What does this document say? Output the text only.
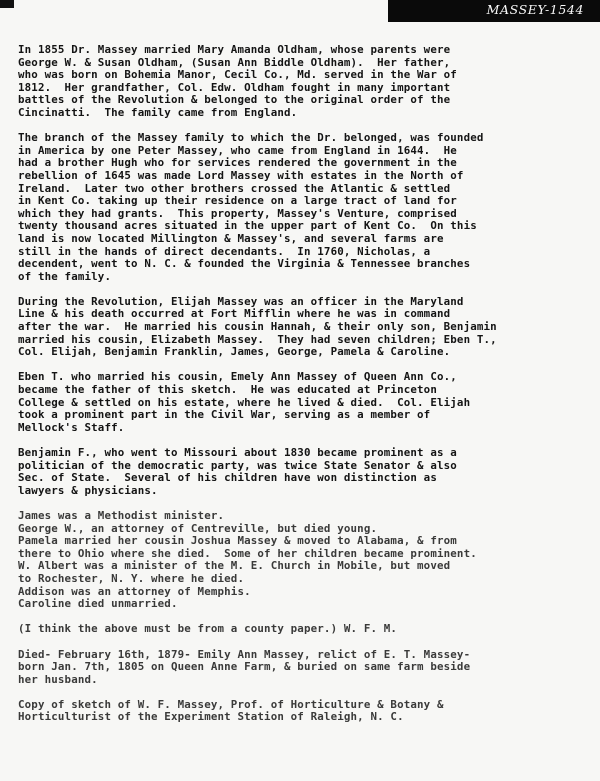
MASSEY-1544

In 1855 Dr. Massey married Mary Amanda Oldham, whose parents were
George W. & Susan Oldham, (Susan Ann Biddle Oldham).  Her father,
who was born on Bohemia Manor, Cecil Co., Md. served in the War of
1812.  Her grandfather, Col. Edw. Oldham fought in many important
battles of the Revolution & belonged to the original order of the
Cincinatti.  The family came from England.

The branch of the Massey family to which the Dr. belonged, was founded
in America by one Peter Massey, who came from England in 1644.  He
had a brother Hugh who for services rendered the government in the
rebellion of 1645 was made Lord Massey with estates in the North of
Ireland.  Later two other brothers crossed the Atlantic & settled
in Kent Co. taking up their residence on a large tract of land for
which they had grants.  This property, Massey's Venture, comprised
twenty thousand acres situated in the upper part of Kent Co.  On this
land is now located Millington & Massey's, and several farms are
still in the hands of direct decendants.  In 1760, Nicholas, a
decendent, went to N. C. & founded the Virginia & Tennessee branches
of the family.

During the Revolution, Elijah Massey was an officer in the Maryland
Line & his death occurred at Fort Mifflin where he was in command
after the war.  He married his cousin Hannah, & their only son, Benjamin
married his cousin, Elizabeth Massey.  They had seven children; Eben T.,
Col. Elijah, Benjamin Franklin, James, George, Pamela & Caroline.

Eben T. who married his cousin, Emely Ann Massey of Queen Ann Co.,
became the father of this sketch.  He was educated at Princeton
College & settled on his estate, where he lived & died.  Col. Elijah
took a prominent part in the Civil War, serving as a member of
Mellock's Staff.

Benjamin F., who went to Missouri about 1830 became prominent as a
politician of the democratic party, was twice State Senator & also
Sec. of State.  Several of his children have won distinction as
lawyers & physicians.

James was a Methodist minister.
George W., an attorney of Centreville, but died young.
Pamela married her cousin Joshua Massey & moved to Alabama, & from
there to Ohio where she died.  Some of her children became prominent.
W. Albert was a minister of the M. E. Church in Mobile, but moved
to Rochester, N. Y. where he died.
Addison was an attorney of Memphis.
Caroline died unmarried.

(I think the above must be from a county paper.) W. F. M.

Died- February 16th, 1879- Emily Ann Massey, relict of E. T. Massey-
born Jan. 7th, 1805 on Queen Anne Farm, & buried on same farm beside
her husband.

Copy of sketch of W. F. Massey, Prof. of Horticulture & Botany &
Horticulturist of the Experiment Station of Raleigh, N. C.
